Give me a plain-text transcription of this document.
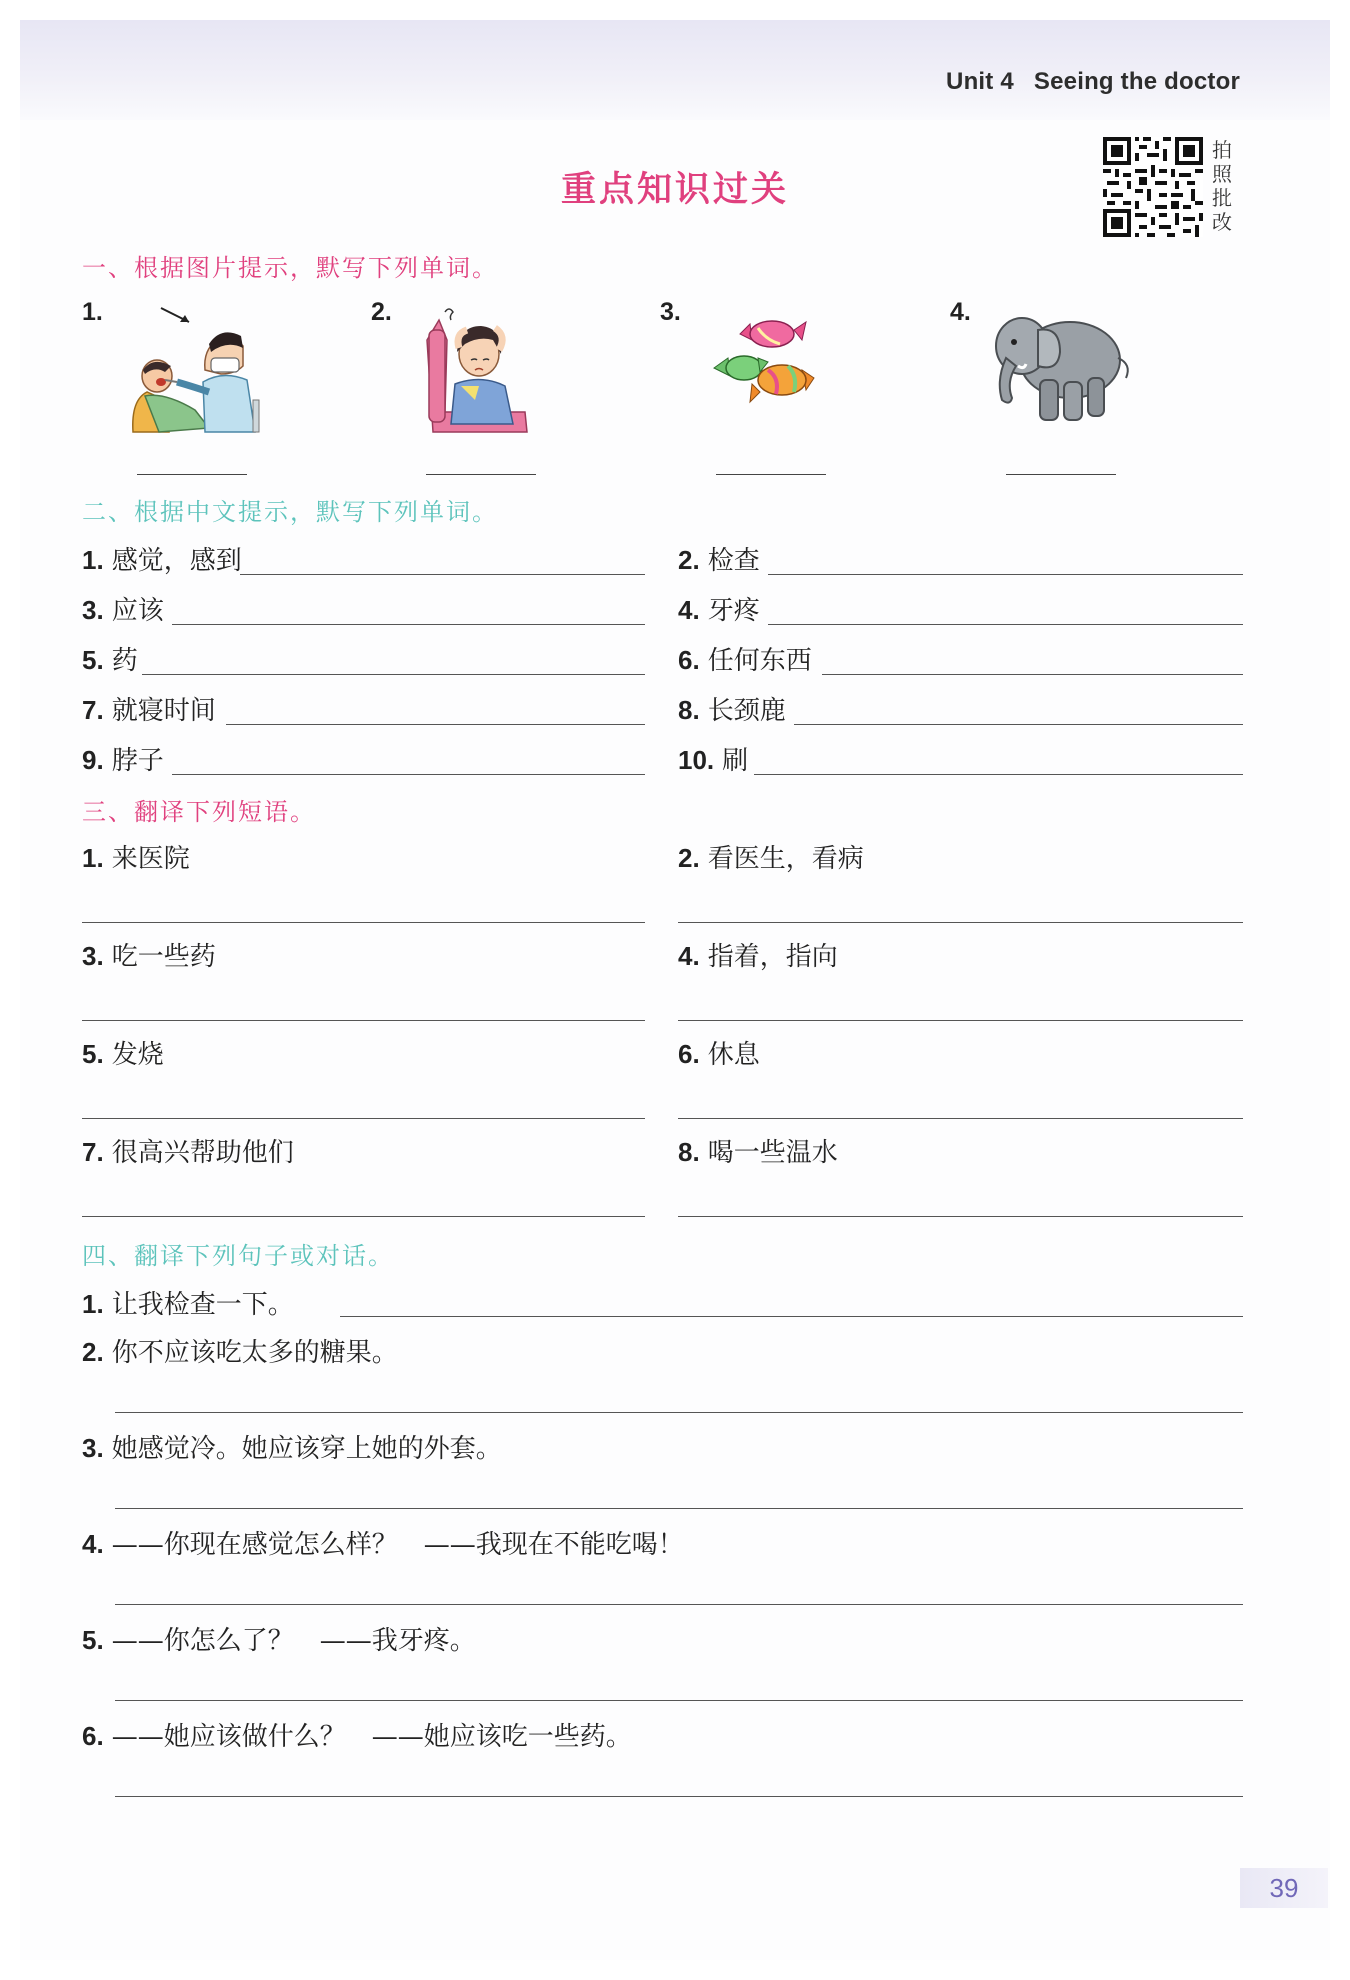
Unit 4 Seeing the doctor
重点知识过关
拍
照
批
改
一、根据图片提示，默写下列单词。
1.	2.	3.	4.
二、根据中文提示，默写下列单词。
1. 感觉，感到	2. 检查
3. 应该	4. 牙疼
5. 药	6. 任何东西
7. 就寝时间	8. 长颈鹿
9. 脖子	10. 刷
三、翻译下列短语。
1. 来医院	2. 看医生，看病
3. 吃一些药	4. 指着，指向
5. 发烧	6. 休息
7. 很高兴帮助他们	8. 喝一些温水
四、翻译下列句子或对话。
1. 让我检查一下。
2. 你不应该吃太多的糖果。
3. 她感觉冷。她应该穿上她的外套。
4. ——你现在感觉怎么样？　——我现在不能吃喝！
5. ——你怎么了？　——我牙疼。
6. ——她应该做什么？　——她应该吃一些药。
39
